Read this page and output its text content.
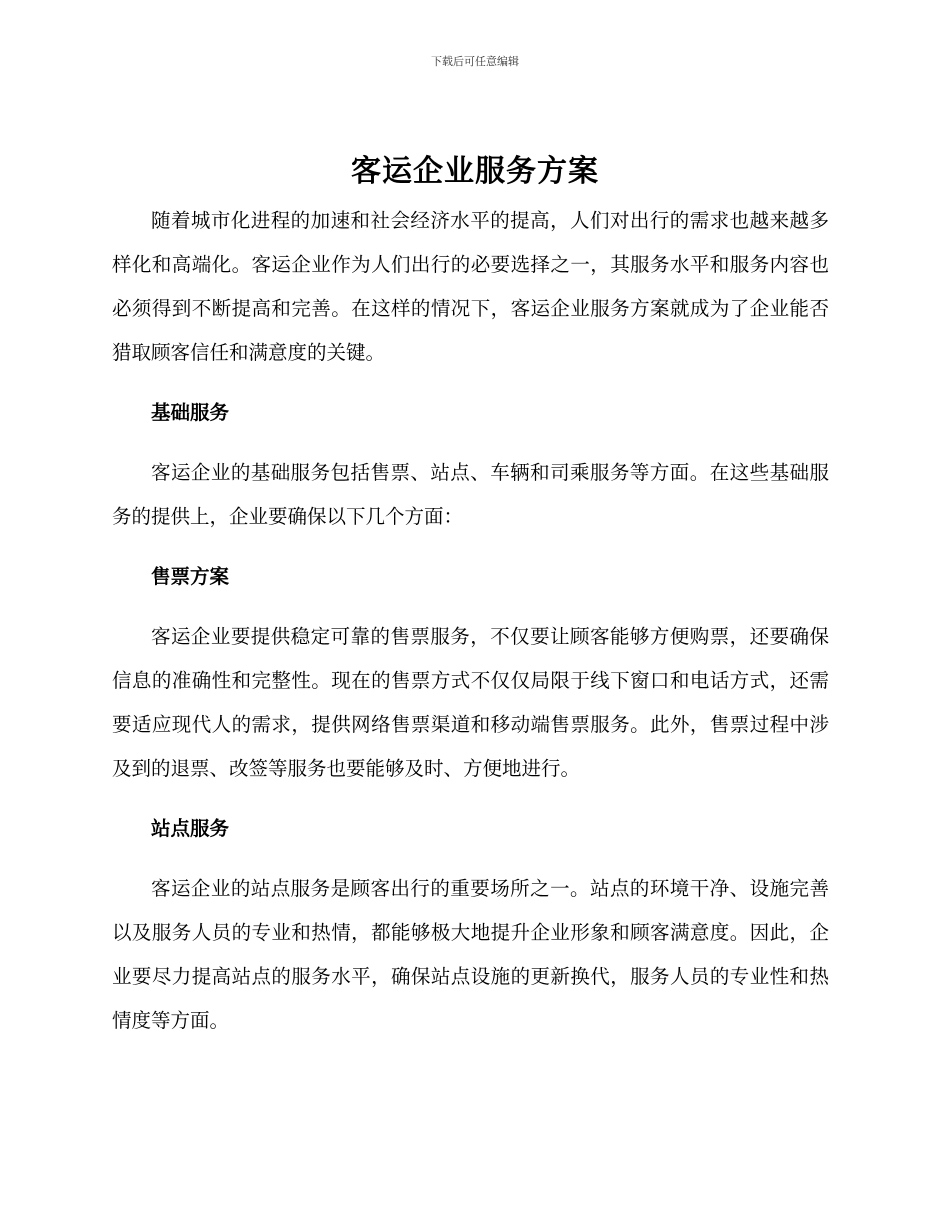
下载后可任意编辑
客运企业服务方案

随着城市化进程的加速和社会经济水平的提高，人们对出行的需求也越来越多样化和高端化。客运企业作为人们出行的必要选择之一，其服务水平和服务内容也必须得到不断提高和完善。在这样的情况下，客运企业服务方案就成为了企业能否猎取顾客信任和满意度的关键。

基础服务

客运企业的基础服务包括售票、站点、车辆和司乘服务等方面。在这些基础服务的提供上，企业要确保以下几个方面：

售票方案

客运企业要提供稳定可靠的售票服务，不仅要让顾客能够方便购票，还要确保信息的准确性和完整性。现在的售票方式不仅仅局限于线下窗口和电话方式，还需要适应现代人的需求，提供网络售票渠道和移动端售票服务。此外，售票过程中涉及到的退票、改签等服务也要能够及时、方便地进行。

站点服务

客运企业的站点服务是顾客出行的重要场所之一。站点的环境干净、设施完善以及服务人员的专业和热情，都能够极大地提升企业形象和顾客满意度。因此，企业要尽力提高站点的服务水平，确保站点设施的更新换代，服务人员的专业性和热情度等方面。
